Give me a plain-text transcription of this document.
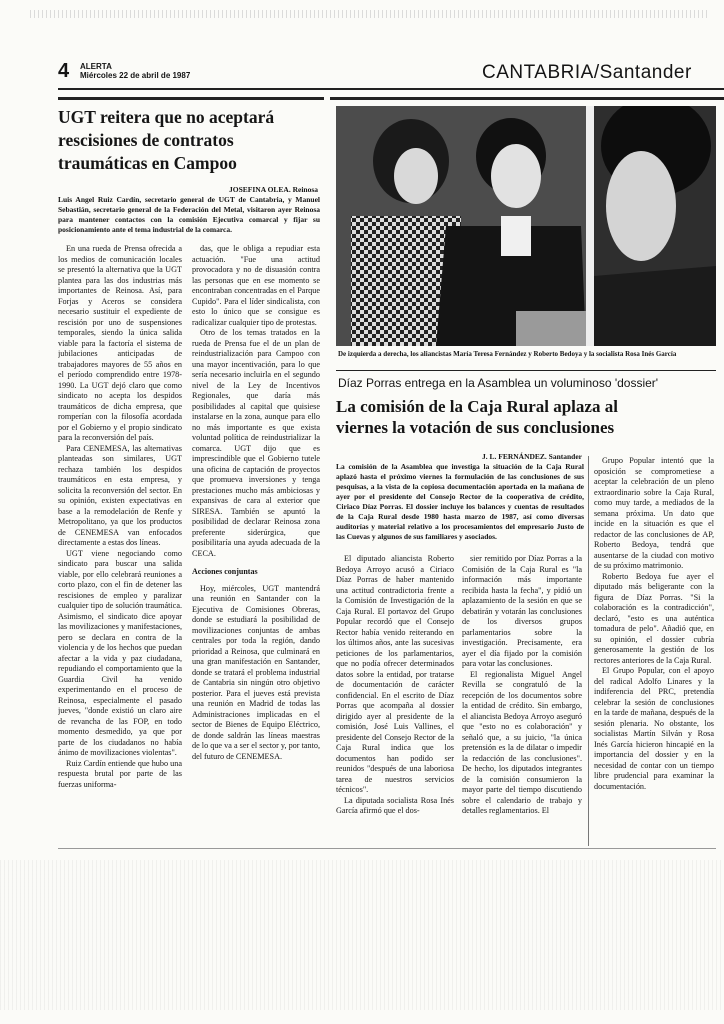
4 ALERTA
Miércoles 22 de abril de 1987	CANTABRIA/Santander
UGT reitera que no aceptará rescisiones de contratos traumáticas en Campoo
JOSEFINA OLEA. Reinosa
Luis Angel Ruiz Cardín, secretario general de UGT de Cantabria, y Manuel Sebastián, secretario general de la Federación del Metal, visitaron ayer Reinosa para mantener contactos con la comisión Ejecutiva comarcal y fijar su posicionamiento ante el tema industrial de la comarca.

En una rueda de Prensa ofrecida a los medios de comunicación locales se presentó la alternativa que la UGT planteа para las dos industrias más importantes de Reinosa. Así, para Forjas y Aceros se considera necesario sustituir el expediente de rescisión por uno de suspensiones temporales, siendo la única salida viable para la factoría el sistema de jubilaciones anticipadas de trabajadores mayores de 55 años en el período comprendido entre 1978-1990. La UGT dejó claro que como sindicato no acepta los despidos traumáticos de dicha empresa, que romperían con la filosofía acordada por el Gobierno y el propio sindicato para la reconversión del país.

Para CENEMESA, las alternativas planteadas son similares, UGT rechaza también los despidos traumáticos en esta empresa, y solicita la reconversión del sector. En su opinión, existen expectativas en base a la remodelación de Renfe y Metropolitano, ya que los productos de CENEMESA van enfocados directamente a estas dos líneas.

UGT viene negociando como sindicato para buscar una salida viable, por ello celebrará reuniones a corto plazo, con el fin de detener las rescisiones de empleo y paralizar cualquier tipo de solución traumática. Asimismo, el sindicato dice apoyar las movilizaciones y manifestaciones, pero se declara en contra de la violencia y de los hechos que puedan afectar a la vida y paz ciudadana, repudiando el comportamiento que la Guardia Civil ha venido experimentando en el proceso de Reinosa, especialmente el pasado jueves, "donde existió un claro aire de revancha de las FOP, en todo momento desmedido, ya que por parte de los ciudadanos no había ánimo de movilizaciones violentas".

Ruiz Cardín entiende que hubo una respuesta brutal por parte de las fuerzas uniforma-

das, que le obliga a repudiar esta actuación. "Fue una actitud provocadora y no de disuasión contra las personas que en ese momento se encontraban concentradas en el Parque Cupido". Para el líder sindicalista, con esto lo único que se consigue es radicalizar cualquier tipo de protestas.

Otro de los temas tratados en la rueda de Prensa fue el de un plan de reindustrialización para Campoo con una mayor incentivación, para lo que sería necesario incluirla en el segundo nivel de la Ley de Incentivos Regionales, que daría más posibilidades al capital que quisiese instalarse en la zona, aunque para ello no más importante es que exista voluntad política de reindustrializar la comarca. UGT dijo que es imprescindible que el Gobierno tutele una oficina de captación de proyectos que promueva inversiones y tenga prestaciones mucho más ambiciosas y expansivas de cara al exterior que SIRESA. También se apuntó la posibilidad de declarar Reinosa zona preferente siderúrgica, que posibilitaría una ayuda adecuada de la CECA.

Acciones conjuntas

Hoy, miércoles, UGT mantendrá una reunión en Santander con la Ejecutiva de Comisiones Obreras, donde se estudiará la posibilidad de movilizaciones conjuntas de ambas centrales por toda la región, dando prioridad a Reinosa, que culminará en una gran manifestación en Santander, donde se tratará el problema industrial de Cantabria sin ningún otro objetivo posterior. Para el jueves está prevista una reunión en Madrid de todas las Administraciones implicadas en el sector de Bienes de Equipo Eléctrico, de donde saldrán las líneas maestras de lo que va a ser el sector y, por tanto, del futuro de CENEMESA.

De izquierda a derecha, los aliancistas María Teresa Fernández y Roberto Bedoya y la socialista Rosa Inés García
Díaz Porras entrega en la Asamblea un voluminoso 'dossier'
La comisión de la Caja Rural aplaza al viernes la votación de sus conclusiones
J. L. FERNÁNDEZ. Santander
La comisión de la Asamblea que investiga la situación de la Caja Rural aplazó hasta el próximo viernes la formulación de las conclusiones de sus pesquisas, a la vista de la copiosa documentación aportada en la mañana de ayer por el presidente del Consejo Rector de la cooperativa de crédito, Ciriaco Díaz Porras. El dossier incluye los balances y cuentas de resultados de la Caja Rural desde 1980 hasta marzo de 1987, así como diversas auditorías y material relativo a los procesamientos del empresario Justo de las Cuevas y algunos de sus familiares y asociados.

El diputado aliancista Roberto Bedoya Arroyo acusó a Ciriaco Díaz Porras de haber mantenido una actitud contradictoria frente a la Comisión de Investigación de la Caja Rural. El portavoz del Grupo Popular recordó que el Consejo Rector había venido reiterando en los últimos años, ante las sucesivas peticiones de los parlamentarios, que no podía ofrecer determinados datos sobre la entidad, por tratarse de documentación de carácter confidencial. En el escrito de Díaz Porras que acompaña al dossier dirigido ayer al presidente de la comisión, José Luis Vallines, el presidente del Consejo Rector de la Caja Rural indica que los documentos han podido ser reunidos "después de una laboriosa tarea de nuestros servicios técnicos".

La diputada socialista Rosa Inés García afirmó que el dos-

sier remitido por Díaz Porras a la Comisión de la Caja Rural es "la información más importante recibida hasta la fecha", y pidió un aplazamiento de la sesión en que se debatirán y votarán las conclusiones de los diversos grupos parlamentarios sobre la investigación. Precisamente, era ayer el día fijado por la comisión para votar las conclusiones.

El regionalista Miguel Angel Revilla se congratuló de la recepción de los documentos sobre la entidad de crédito. Sin embargo, el aliancista Bedoya Arroyo aseguró que "esto no es colaboración" y señaló que, a su juicio, "la única pretensión es la de dilatar o impedir la redacción de las conclusiones". De hecho, los diputados integrantes de la comisión consumieron la mayor parte del tiempo discutiendo sobre el calendario de trabajo y detalles reglamentarios. El

Grupo Popular intentó que la oposición se comprometiese a aceptar la celebración de un pleno extraordinario sobre la Caja Rural, como muy tarde, a mediados de la semana próxima. Un dato que incide en la situación es que el redactor de las conclusiones de AP, Roberto Bedoya, tendrá que ausentarse de la ciudad con motivo de su próximo matrimonio.

Roberto Bedoya fue ayer el diputado más beligerante con la figura de Díaz Porras. "Si la colaboración es la contradicción", declaró, "esto es una auténtica tomadura de pelo". Añadió que, en su opinión, el dossier cubría generosamente la gestión de los rectores anteriores de la Caja Rural.

El Grupo Popular, con el apoyo del radical Adolfo Linares y la indiferencia del PRC, pretendía celebrar la sesión de conclusiones en la tarde de mañana, después de la sesión plenaria. No obstante, los socialistas Martín Silván y Rosa Inés García hicieron hincapié en la importancia del dossier y en la necesidad de contar con un tiempo libre prudencial para examinar la documentación.
